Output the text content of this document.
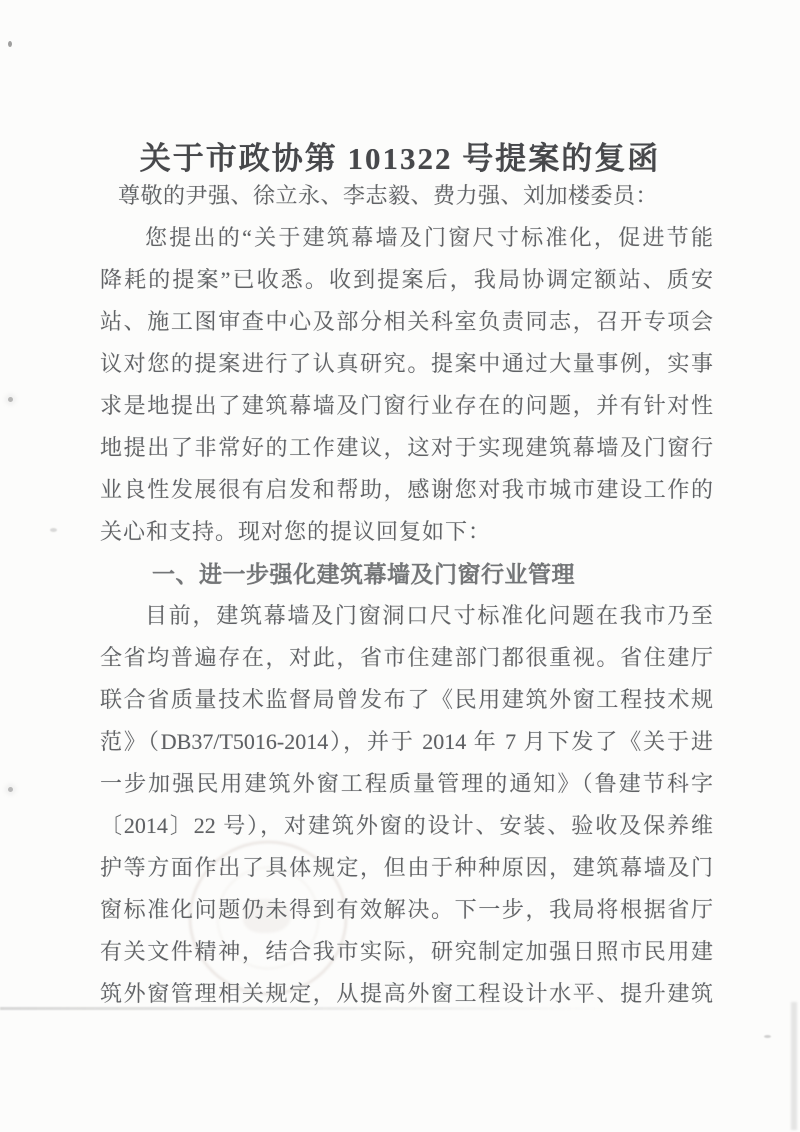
关于市政协第 101322 号提案的复函
尊敬的尹强、徐立永、李志毅、费力强、刘加楼委员：
您提出的“关于建筑幕墙及门窗尺寸标准化，促进节能
降耗的提案”已收悉。收到提案后，我局协调定额站、质安
站、施工图审查中心及部分相关科室负责同志，召开专项会
议对您的提案进行了认真研究。提案中通过大量事例，实事
求是地提出了建筑幕墙及门窗行业存在的问题，并有针对性
地提出了非常好的工作建议，这对于实现建筑幕墙及门窗行
业良性发展很有启发和帮助，感谢您对我市城市建设工作的
关心和支持。现对您的提议回复如下：
一、进一步强化建筑幕墙及门窗行业管理
目前，建筑幕墙及门窗洞口尺寸标准化问题在我市乃至
全省均普遍存在，对此，省市住建部门都很重视。省住建厅
联合省质量技术监督局曾发布了《民用建筑外窗工程技术规
范》（DB37/T5016-2014），并于 2014 年 7 月下发了《关于进
一步加强民用建筑外窗工程质量管理的通知》（鲁建节科字
〔2014〕22 号），对建筑外窗的设计、安装、验收及保养维
护等方面作出了具体规定，但由于种种原因，建筑幕墙及门
窗标准化问题仍未得到有效解决。下一步，我局将根据省厅
有关文件精神，结合我市实际，研究制定加强日照市民用建
筑外窗管理相关规定，从提高外窗工程设计水平、提升建筑
